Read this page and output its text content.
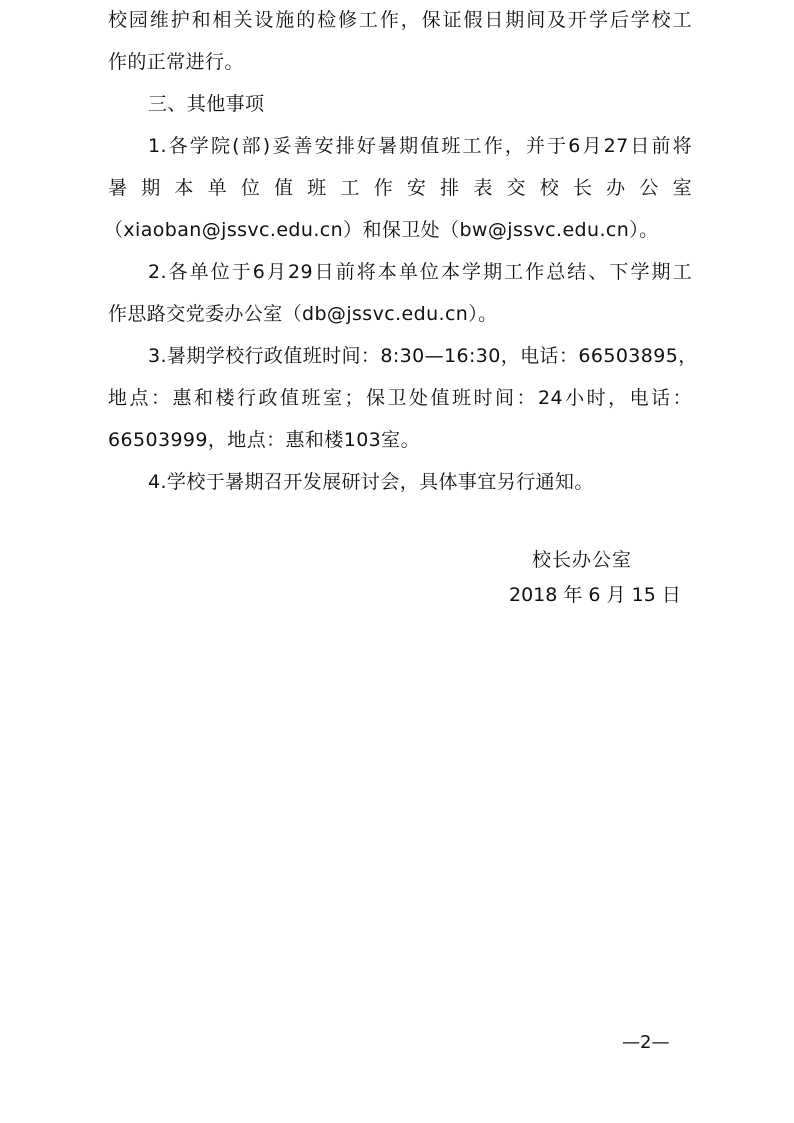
校园维护和相关设施的检修工作，保证假日期间及开学后学校工
作的正常进行。
三、其他事项
1.各学院(部)妥善安排好暑期值班工作，并于6月27日前将
暑期本单位值班工作安排表交校长办公室
（xiaoban@jssvc.edu.cn）和保卫处（bw@jssvc.edu.cn）。
2.各单位于6月29日前将本单位本学期工作总结、下学期工
作思路交党委办公室（db@jssvc.edu.cn）。
3.暑期学校行政值班时间：8:30—16:30，电话：66503895，
地点：惠和楼行政值班室；保卫处值班时间：24小时，电话：
66503999，地点：惠和楼103室。
4.学校于暑期召开发展研讨会，具体事宜另行通知。
校长办公室
2018 年 6 月 15 日
—2—
